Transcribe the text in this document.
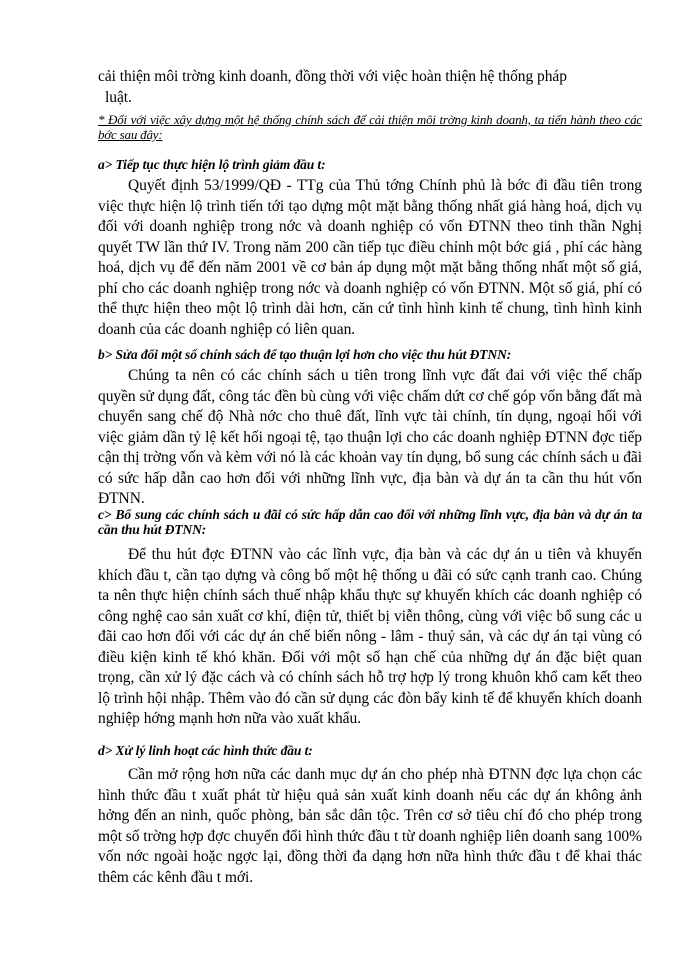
cải thiện môi trờng kinh doanh, đồng thời với việc hoàn thiện hệ thống pháp

luật.

* Đối với việc xây dựng một hệ thống chính sách để cải thiện môi trờng kinh doanh, ta tiến hành theo các bớc sau đây:

a> Tiếp tục thực hiện lộ trình giảm đầu t:

Quyết định 53/1999/QĐ - TTg của Thủ tớng Chính phủ là bớc đi đầu tiên trong việc thực hiện lộ trình tiến tới tạo dựng một mặt bằng thống nhất giá hàng hoá, dịch vụ đối với doanh nghiệp trong nớc và doanh nghiệp có vốn ĐTNN theo tinh thần Nghị quyết TW lần thứ IV. Trong năm 200 cần tiếp tục điều chỉnh một bớc giá , phí các hàng hoá, dịch vụ để đến năm 2001 về cơ bản áp dụng một mặt bằng thống nhất một số giá, phí cho các doanh nghiệp trong nớc và doanh nghiệp có vốn ĐTNN. Một số giá, phí có thể thực hiện theo một lộ trình dài hơn, căn cứ tình hình kinh tế chung, tình hình kinh doanh của các doanh nghiệp có liên quan.

b> Sửa đổi một số chính sách để tạo thuận lợi hơn cho việc thu hút ĐTNN:

Chúng ta nên có các chính sách u tiên trong lĩnh vực đất đai với việc thế chấp quyền sử dụng đất, công tác đền bù cùng với việc chấm dứt cơ chế góp vốn bằng đất mà chuyển sang chế độ Nhà nớc cho thuê đất, lĩnh vực tài chính, tín dụng, ngoại hối với việc giảm dần tỷ lệ kết hối ngoại tệ, tạo thuận lợi cho các doanh nghiệp ĐTNN đợc tiếp cận thị trờng vốn và kèm với nó là các khoản vay tín dụng, bổ sung các chính sách u đãi có sức hấp dẫn cao hơn đối với những lĩnh vực, địa bàn và dự án ta cần thu hút vốn ĐTNN.

c> Bổ sung các chính sách u đãi có sức hấp dẫn cao đối với những lĩnh vực, địa bàn và dự án ta cần thu hút ĐTNN:

Để thu hút đợc ĐTNN vào các lĩnh vực, địa bàn và các dự án u tiên và khuyến khích đầu t, cần tạo dựng và công bố một hệ thống u đãi có sức cạnh tranh cao. Chúng ta nên thực hiện chính sách thuế nhập khẩu thực sự khuyến khích các doanh nghiệp có công nghệ cao sản xuất cơ khí, điện tử, thiết bị viễn thông, cùng với việc bổ sung các u đãi cao hơn đối với các dự án chế biến nông - lâm - thuỷ sản, và các dự án tại vùng có điều kiện kinh tế khó khăn. Đối với một số hạn chế của những dự án đặc biệt quan trọng, cần xử lý đặc cách và có chính sách hỗ trợ hợp lý trong khuôn khổ cam kết theo lộ trình hội nhập. Thêm vào đó cần sử dụng các đòn bẩy kinh tế để khuyến khích doanh nghiệp hớng mạnh hơn nữa vào xuất khẩu.

d> Xử lý linh hoạt các hình thức đầu t:

Cần mở rộng hơn nữa các danh mục dự án cho phép nhà ĐTNN đợc lựa chọn các hình thức đầu t xuất phát từ hiệu quả sản xuất kinh doanh nếu các dự án không ảnh hởng đến an ninh, quốc phòng, bản sắc dân tộc. Trên cơ sở tiêu chí đó cho phép trong một số trờng hợp đợc chuyển đổi hình thức đầu t từ doanh nghiệp liên doanh sang 100% vốn nớc ngoài hoặc ngợc lại, đồng thời đa dạng hơn nữa hình thức đầu t để khai thác thêm các kênh đầu t mới.
